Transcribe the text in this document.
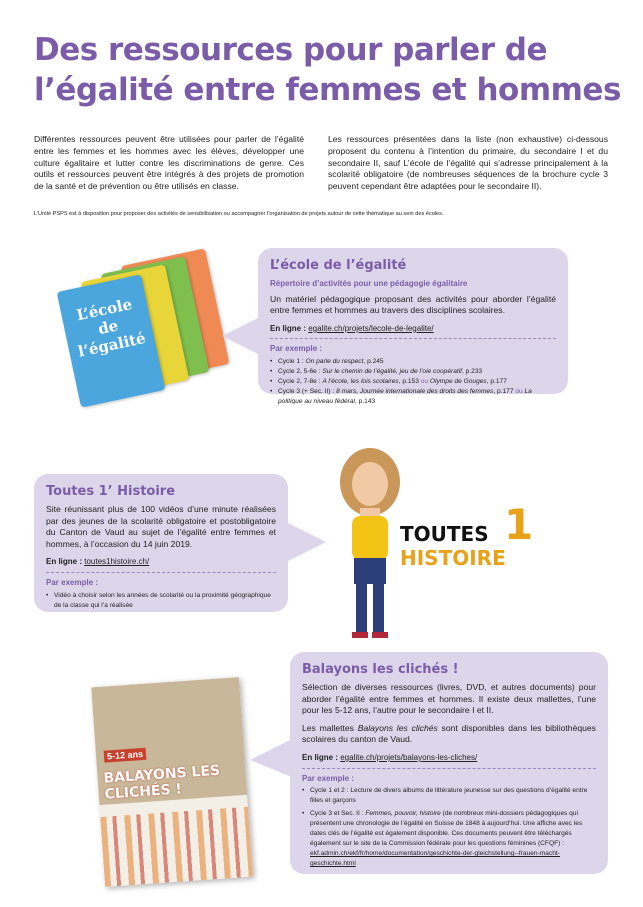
Des ressources pour parler de l’égalité entre femmes et hommes

Différentes ressources peuvent être utilisées pour parler de l’égalité entre les femmes et les hommes avec les élèves, développer une culture égalitaire et lutter contre les discriminations de genre. Ces outils et ressources peuvent être intégrés à des projets de promotion de la santé et de prévention ou être utilisés en classe.

Les ressources présentées dans la liste (non exhaustive) ci-dessous proposent du contenu à l’intention du primaire, du secondaire I et du secondaire II, sauf L’école de l’égalité qui s’adresse principalement à la scolarité obligatoire (de nombreuses séquences de la brochure cycle 3 peuvent cependant être adaptées pour le secondaire II).

L’Unité PSPS est à disposition pour proposer des activités de sensibilisation ou accompagner l’organisation de projets autour de cette thématique au sein des écoles.

L’école de l’égalité
L’école de l’égalité
Répertoire d’activités pour une pédagogie égalitaire

Un matériel pédagogique proposant des activités pour aborder l’égalité entre femmes et hommes au travers des disciplines scolaires.

En ligne : egalite.ch/projets/lecole-de-legalite/
Par exemple :
• Cycle 1 : On parle du respect, p.245
• Cycle 2, 5-6e : Sur le chemin de l’égalité, jeu de l’oie coopératif, p.233
• Cycle 2, 7-8e : A l’école, les lois scolaires, p.153 ou Olympe de Gouges, p.177
• Cycle 3 (+ Sec. II) : 8 mars, Journée internationale des droits des femmes, p.177 ou La politique au niveau fédéral, p.143
Toutes 1’ Histoire

Site réunissant plus de 100 vidéos d’une minute réalisées par des jeunes de la scolarité obligatoire et postobligatoire du Canton de Vaud au sujet de l’égalité entre femmes et hommes, à l’occasion du 14 juin 2019.

En ligne : toutes1histoire.ch/
Par exemple :
• Vidéo à choisir selon les années de scolarité ou la proximité géographique de la classe qui l’a réalisée
TOUTES 1
HISTOIRE
5-12 ans
BALAYONS LES CLICHÉS !
Balayons les clichés !

Sélection de diverses ressources (livres, DVD, et autres documents) pour aborder l’égalité entre femmes et hommes. Il existe deux mallettes, l’une pour les 5-12 ans, l’autre pour le secondaire I et II.

Les mallettes Balayons les clichés sont disponibles dans les bibliothèques scolaires du canton de Vaud.

En ligne : egalite.ch/projets/balayons-les-cliches/
Par exemple :
• Cycle 1 et 2 : Lecture de divers albums de littérature jeunesse sur des questions d’égalité entre filles et garçons
• Cycle 3 et Sec. II : Femmes, pouvoir, histoire (de nombreux mini-dossiers pédagogiques qui présentent une chronologie de l’égalité en Suisse de 1848 à aujourd’hui. Une affiche avec les dates clés de l’égalité est également disponible. Ces documents peuvent être téléchargés également sur le site de la Commission fédérale pour les questions féminines (CFQF) : ekf.admin.ch/ekf/fr/home/documentation/geschichte-der-gleichstellung--frauen-macht-geschichte.html
